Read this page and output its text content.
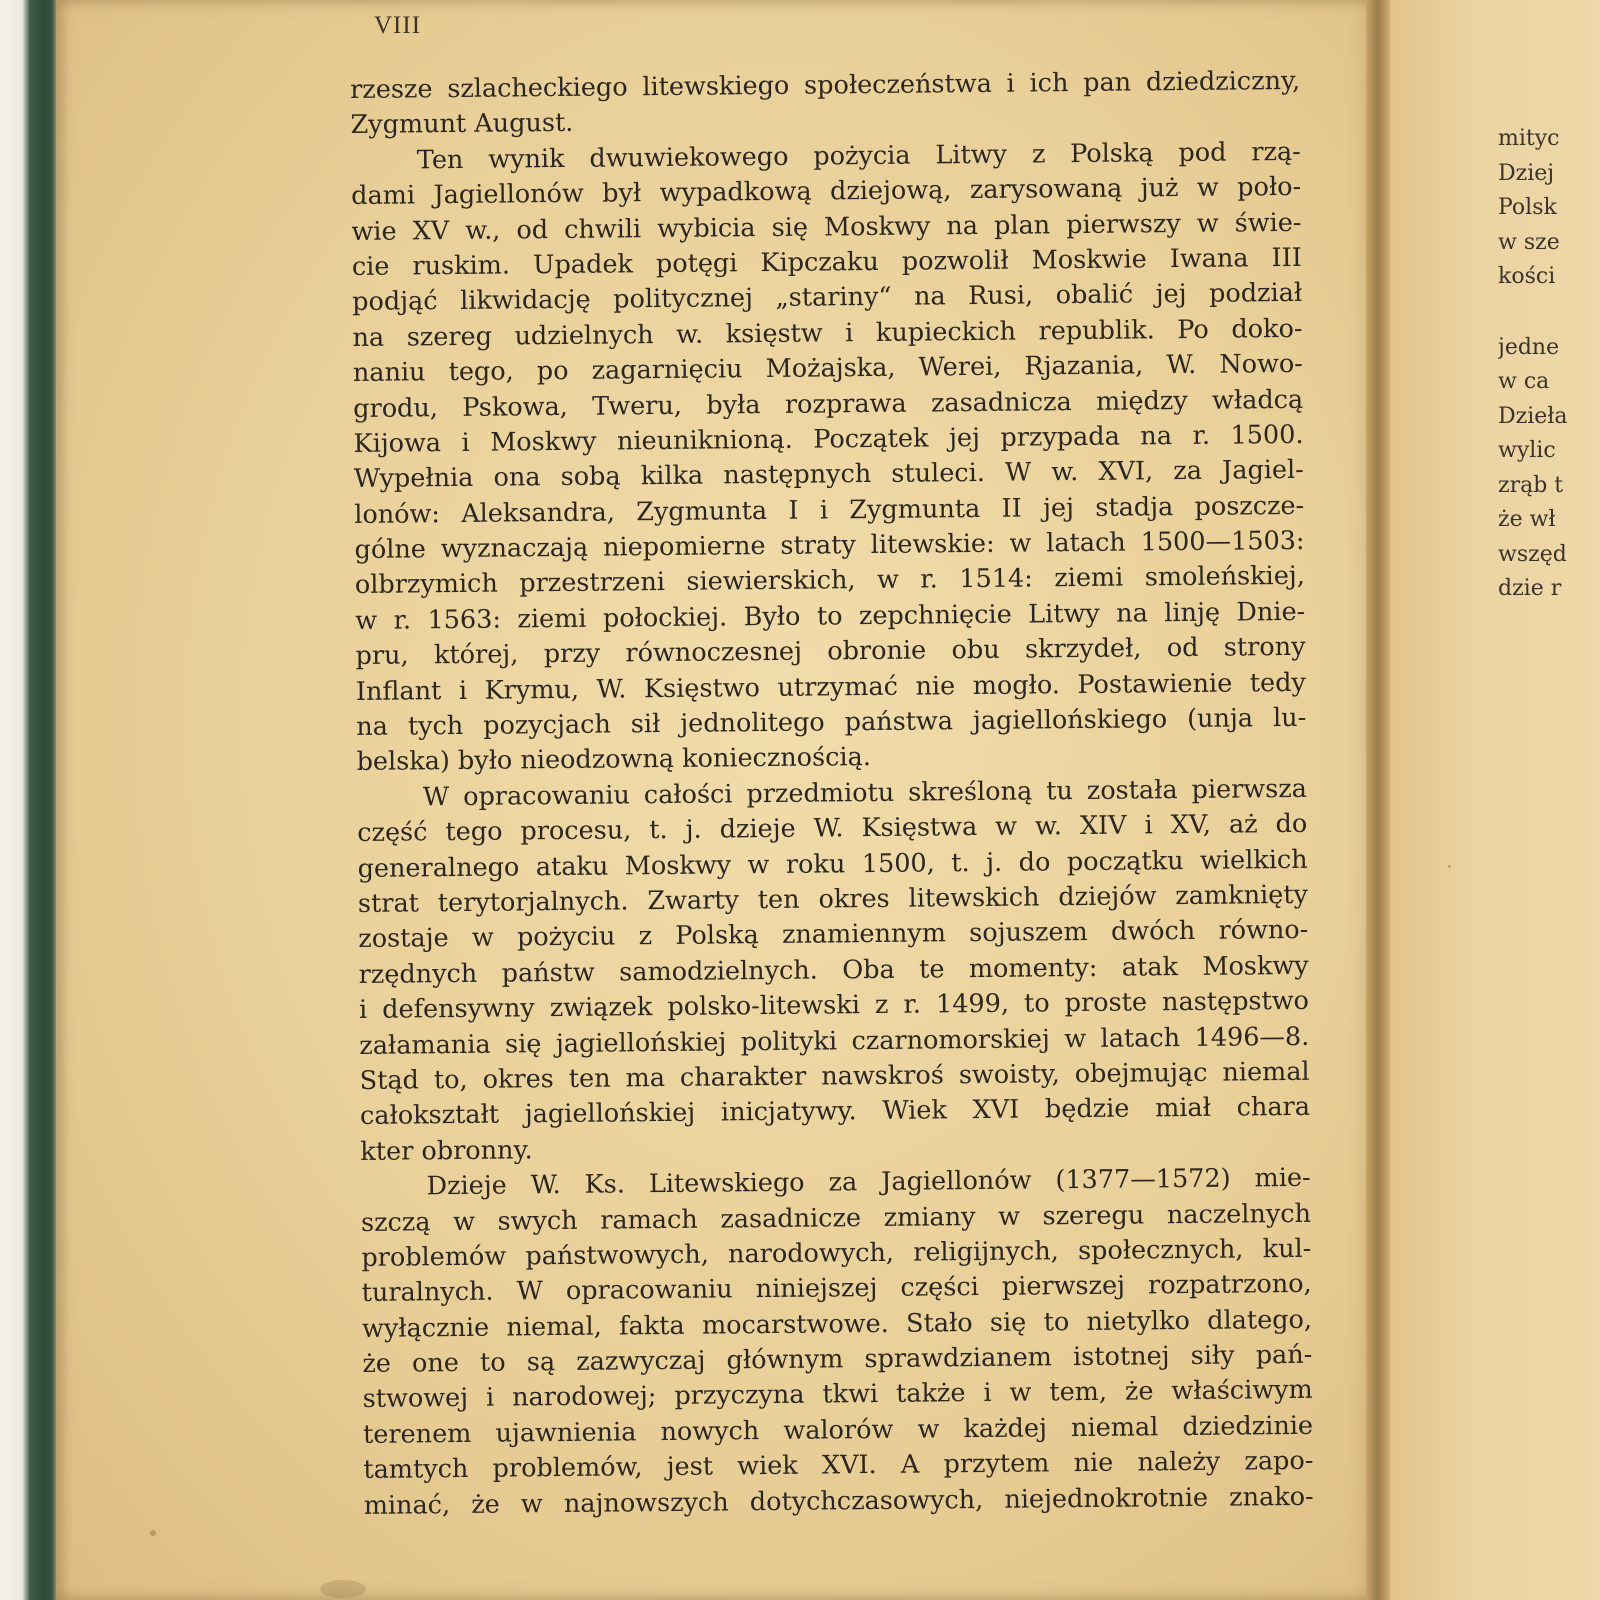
VIII
rzesze szlacheckiego litewskiego społeczeństwa i ich pan dziedziczny,
Zygmunt August.
Ten wynik dwuwiekowego pożycia Litwy z Polską pod rzą-
dami Jagiellonów był wypadkową dziejową, zarysowaną już w poło-
wie XV w., od chwili wybicia się Moskwy na plan pierwszy w świe-
cie ruskim. Upadek potęgi Kipczaku pozwolił Moskwie Iwana III
podjąć likwidację politycznej „stariny“ na Rusi, obalić jej podział
na szereg udzielnych w. księstw i kupieckich republik. Po doko-
naniu tego, po zagarnięciu Możajska, Werei, Rjazania, W. Nowo-
grodu, Pskowa, Tweru, była rozprawa zasadnicza między władcą
Kijowa i Moskwy nieuniknioną. Początek jej przypada na r. 1500.
Wypełnia ona sobą kilka następnych stuleci. W w. XVI, za Jagiel-
lonów: Aleksandra, Zygmunta I i Zygmunta II jej stadja poszcze-
gólne wyznaczają niepomierne straty litewskie: w latach 1500—1503:
olbrzymich przestrzeni siewierskich, w r. 1514: ziemi smoleńskiej,
w r. 1563: ziemi połockiej. Było to zepchnięcie Litwy na linję Dnie-
pru, której, przy równoczesnej obronie obu skrzydeł, od strony
Inflant i Krymu, W. Księstwo utrzymać nie mogło. Postawienie tedy
na tych pozycjach sił jednolitego państwa jagiellońskiego (unja lu-
belska) było nieodzowną koniecznością.
W opracowaniu całości przedmiotu skreśloną tu została pierwsza
część tego procesu, t. j. dzieje W. Księstwa w w. XIV i XV, aż do
generalnego ataku Moskwy w roku 1500, t. j. do początku wielkich
strat terytorjalnych. Zwarty ten okres litewskich dziejów zamknięty
zostaje w pożyciu z Polską znamiennym sojuszem dwóch równo-
rzędnych państw samodzielnych. Oba te momenty: atak Moskwy
i defensywny związek polsko-litewski z r. 1499, to proste następstwo
załamania się jagiellońskiej polityki czarnomorskiej w latach 1496—8.
Stąd to, okres ten ma charakter nawskroś swoisty, obejmując niemal
całokształt jagiellońskiej inicjatywy. Wiek XVI będzie miał chara
kter obronny.
Dzieje W. Ks. Litewskiego za Jagiellonów (1377—1572) mie-
szczą w swych ramach zasadnicze zmiany w szeregu naczelnych
problemów państwowych, narodowych, religijnych, społecznych, kul-
turalnych. W opracowaniu niniejszej części pierwszej rozpatrzono,
wyłącznie niemal, fakta mocarstwowe. Stało się to nietylko dlatego,
że one to są zazwyczaj głównym sprawdzianem istotnej siły pań-
stwowej i narodowej; przyczyna tkwi także i w tem, że właściwym
terenem ujawnienia nowych walorów w każdej niemal dziedzinie
tamtych problemów, jest wiek XVI. A przytem nie należy zapo-
minać, że w najnowszych dotychczasowych, niejednokrotnie znako-
mityc
Dziej
Polsk
w sze
kości
jedne
w ca
Dzieła
wylic
zrąb t
że wł
wszęd
dzie r
